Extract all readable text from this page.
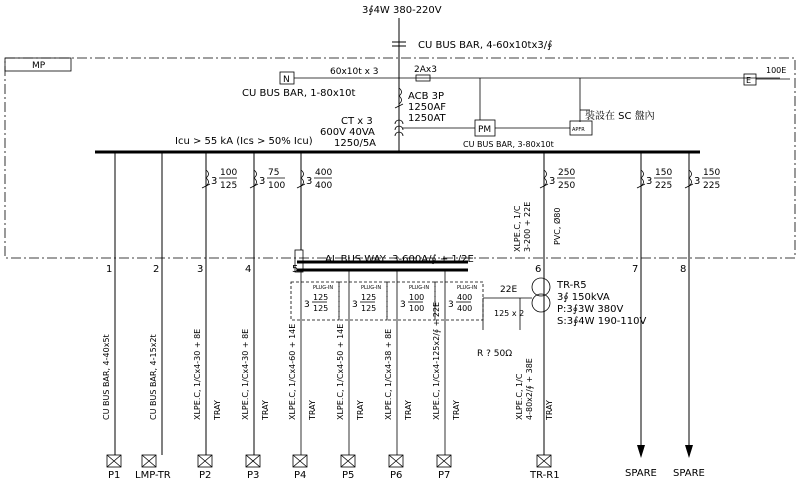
3∮4W 380-220V
CU BUS BAR, 4-60x10tx3/∮
MP
N
60x10t x 3
CU BUS BAR, 1-80x10t
2Ax3
E
100E
ACB 3P
1250AF
1250AT
CT x 3
600V 40VA
1250/5A
PM	APFR
裝設在 SC 盤內
Icu > 55 kA (Ics > 50% Icu)	CU BUS BAR, 3-80x10t
1	2	3	4	5	6	7	8
3
100
125 3
75
100 3
400
400	3
250
250	3
150
225 3
150
225
CU BUS BAR, 4-40x5t	CU BUS BAR, 4-15x2t	XLPE.C, 1/Cx4-30 + 8E TRAY XLPE.C, 1/Cx4-30 + 8E TRAY XLPE.C, 1/Cx4-60 + 14E TRAY XLPE.C, 1/Cx4-50 + 14E TRAY XLPE.C, 1/Cx4-38 + 8E TRAY XLPE.C, 1/Cx4-125x2/∮ + 22E TRAY
AL BUS WAY, 3-600A/∮ + 1/2E
PLUG-IN
3
125
125
PLUG-IN
3
125
125
PLUG-IN
3
100
100
PLUG-IN
3
400
400
XLPE.C, 1/C 3-200 + 22E	PVC, Ø80
TR-R5
3∮ 150kVA
P:3∮3W 380V
S:3∮4W 190-110V
22E
125 x 2
R ? 50Ω
XLPE.C, 1/C 4-80x2/∮ + 38E TRAY
P1 LMP-TR	P2	P3	P4	P5	P6	P7	TR-R1	SPARE SPARE
